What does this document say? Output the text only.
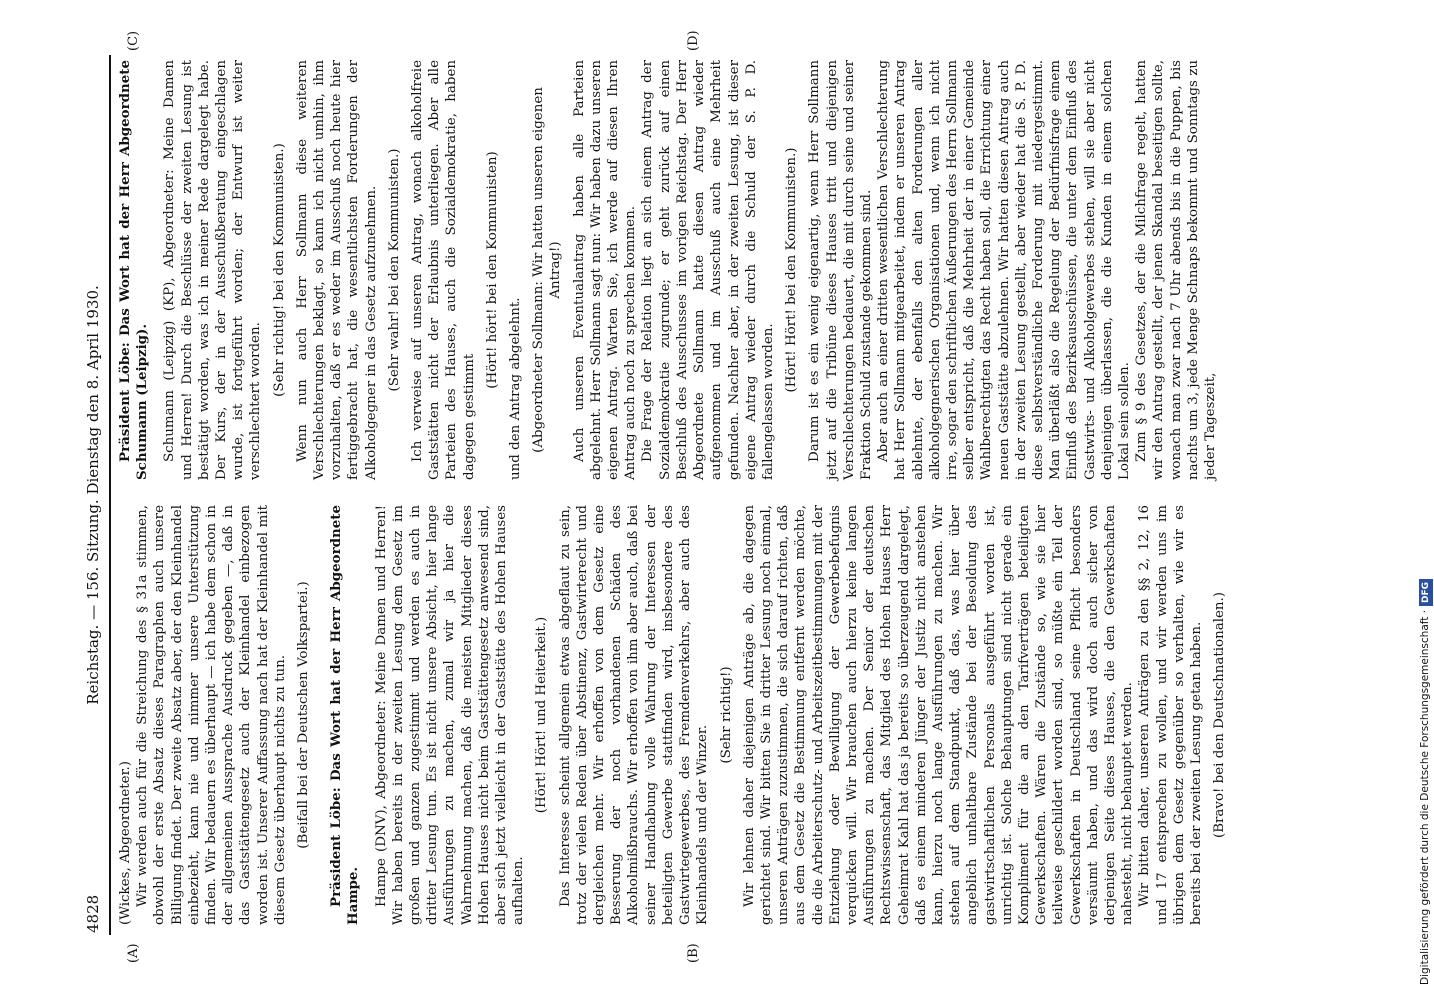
4828
Reichstag. — 156. Sitzung. Dienstag den 8. April 1930.

(Wickes, Abgeordneter.) Wir werden auch für die Streichung des § 31a stimmen, obwohl der erste Absatz dieses Paragraphen auch unsere Billigung findet. Der zweite Absatz aber, der den Kleinhandel einbezieht, kann nie und nimmer unsere Unterstützung finden. Wir bedauern es überhaupt — ich habe dem schon in der allgemeinen Aussprache Ausdruck gegeben —, daß in das Gaststättengesetz auch der Kleinhandel einbezogen worden ist. Unserer Auffassung nach hat der Kleinhandel mit diesem Gesetz überhaupt nichts zu tun. (Beifall bei der Deutschen Volkspartei.) Präsident Löbe: Das Wort hat der Herr Abgeordnete Hampe. Hampe (DNV), Abgeordneter: Meine Damen und Herren! Wir haben bereits in der zweiten Lesung dem Gesetz im großen und ganzen zugestimmt und werden es auch in dritter Lesung tun. Es ist nicht unsere Absicht, hier lange Ausführungen zu machen, zumal wir ja hier die Wahrnehmung machen, daß die meisten Mitglieder dieses Hohen Hauses nicht beim Gaststättengesetz anwesend sind, aber sich jetzt vielleicht in der Gaststätte des Hohen Hauses aufhalten.

(Hört! Hört! und Heiterkeit.) Das Interesse scheint allgemein etwas abgeflaut zu sein, trotz der vielen Reden über Abstinenz, Gastwirterecht und dergleichen mehr. Wir erhoffen von dem Gesetz eine Besserung der noch vorhandenen Schäden des Alkoholmißbrauchs. Wir erhoffen von ihm aber auch, daß bei seiner Handhabung volle Wahrung der Interessen der beteiligten Gewerbe stattfinden wird, insbesondere des Gastwirtegewerbes, des Fremdenverkehrs, aber auch des Kleinhandels und der Winzer.

(Sehr richtig!) Wir lehnen daher diejenigen Anträge ab, die dagegen gerichtet sind. Wir bitten Sie in dritter Lesung noch einmal, unseren Anträgen zuzustimmen, die sich darauf richten, daß aus dem Gesetz die Bestimmung entfernt werden möchte, die die Arbeiterschutz- und Arbeitszeitbestimmungen mit der Entziehung oder Bewilligung der Gewerbebefugnis verquicken will. Wir brauchen auch hierzu keine langen Ausführungen zu machen. Der Senior der deutschen Rechtswissenschaft, das Mitglied des Hohen Hauses Herr Geheimrat Kahl hat das ja bereits so überzeugend dargelegt, daß es einem minderen Jünger der Justiz nicht anstehen kann, hierzu noch lange Ausführungen zu machen. Wir stehen auf dem Standpunkt, daß das, was hier über angeblich unhaltbare Zustände bei der Besoldung des gastwirtschaftlichen Personals ausgeführt worden ist, unrichtig ist. Solche Behauptungen sind nicht gerade ein Kompliment für die an den Tarifverträgen beteiligten Gewerkschaften. Wären die Zustände so, wie sie hier teilweise geschildert worden sind, so müßte ein Teil der Gewerkschaften in Deutschland seine Pflicht besonders versäumt haben, und das wird doch auch sicher von derjenigen Seite dieses Hauses, die den Gewerkschaften nahesteht, nicht behauptet werden. Wir bitten daher, unseren Anträgen zu den §§ 2, 12, 16 und 17 entsprechen zu wollen, und wir werden uns im übrigen dem Gesetz gegenüber so verhalten, wie wir es bereits bei der zweiten Lesung getan haben. (Bravo! bei den Deutschnationalen.)

Präsident Löbe: Das Wort hat der Herr Abgeordnete Schumann (Leipzig). Schumann (Leipzig) (KP), Abgeordneter: Meine Damen und Herren! Durch die Beschlüsse der zweiten Lesung ist bestätigt worden, was ich in meiner Rede dargelegt habe. Der Kurs, der in der Ausschußberatung eingeschlagen wurde, ist fortgeführt worden; der Entwurf ist weiter verschlechtert worden.

(Sehr richtig! bei den Kommunisten.) Wenn nun auch Herr Sollmann diese weiteren Verschlechterungen beklagt, so kann ich nicht umhin, ihm vorzuhalten, daß er es weder im Ausschuß noch heute hier fertiggebracht hat, die wesentlichsten Forderungen der Alkoholgegner in das Gesetz aufzunehmen. (Sehr wahr! bei den Kommunisten.) Ich verweise auf unseren Antrag, wonach alkoholfreie Gaststätten nicht der Erlaubnis unterliegen. Aber alle Parteien des Hauses, auch die Sozialdemokratie, haben dagegen gestimmt

(Hört! hört! bei den Kommunisten) und den Antrag abgelehnt. (Abgeordneter Sollmann: Wir hatten unseren eigenen Antrag!) Auch unseren Eventualantrag haben alle Parteien abgelehnt. Herr Sollmann sagt nun: Wir haben dazu unseren eigenen Antrag. Warten Sie, ich werde auf diesen Ihren Antrag auch noch zu sprechen kommen. Die Frage der Relation liegt an sich einem Antrag der Sozialdemokratie zugrunde; er geht zurück auf einen Beschluß des Ausschusses im vorigen Reichstag. Der Herr Abgeordnete Sollmann hatte diesen Antrag wieder aufgenommen und im Ausschuß auch eine Mehrheit gefunden. Nachher aber, in der zweiten Lesung, ist dieser eigene Antrag wieder durch die Schuld der S. P. D. fallengelassen worden.

(Hört! Hört! bei den Kommunisten.) Darum ist es ein wenig eigenartig, wenn Herr Sollmann jetzt auf die Tribüne dieses Hauses tritt und diejenigen Verschlechterungen bedauert, die mit durch seine und seiner Fraktion Schuld zustande gekommen sind. Aber auch an einer dritten wesentlichen Verschlechterung hat Herr Sollmann mitgearbeitet, indem er unseren Antrag ablehnte, der ebenfalls den alten Forderungen aller alkoholgegnerischen Organisationen und, wenn ich nicht irre, sogar den schriftlichen Äußerungen des Herrn Sollmann selber entspricht, daß die Mehrheit der in einer Gemeinde Wahlberechtigten das Recht haben soll, die Errichtung einer neuen Gaststätte abzulehnen. Wir hatten diesen Antrag auch in der zweiten Lesung gestellt, aber wieder hat die S. P. D. diese selbstverständliche Forderung mit niedergestimmt. Man überläßt also die Regelung der Bedürfnisfrage einem Einfluß des Bezirksausschüssen, die unter dem Einfluß des Gastwirts- und Alkoholgewerbes stehen, will sie aber nicht denjenigen überlassen, die die Kunden in einem solchen Lokal sein sollen. Zum § 9 des Gesetzes, der die Milchfrage regelt, hatten wir den Antrag gestellt, der jenen Skandal beseitigen sollte, wonach man zwar nach 7 Uhr abends bis in die Puppen, bis nachts um 3, jede Menge Schnaps bekommt und Sonntags zu jeder Tageszeit,

(A)	(B)
(C)	(D)
Digitalisierung gefördert durch die Deutsche Forschungsgemeinschaft ·DFG
